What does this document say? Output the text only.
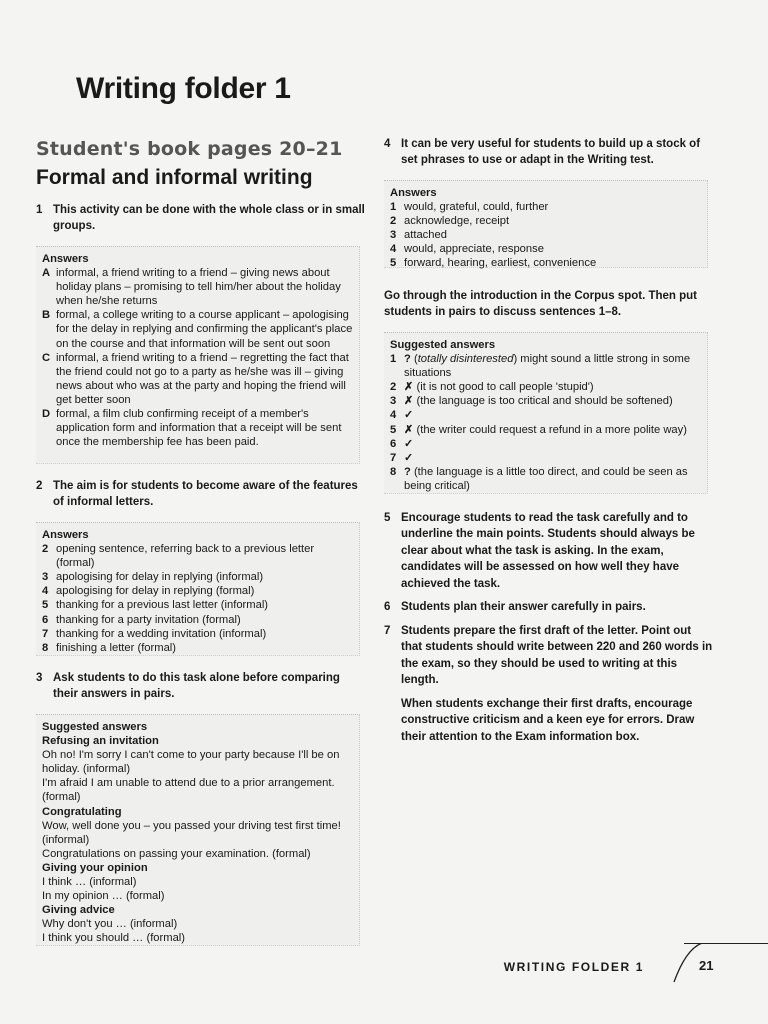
Writing folder 1
Student's book pages 20–21
Formal and informal writing
1 This activity can be done with the whole class or in small groups.
Answers
A informal, a friend writing to a friend – giving news about holiday plans – promising to tell him/her about the holiday when he/she returns
B formal, a college writing to a course applicant – apologising for the delay in replying and confirming the applicant's place on the course and that information will be sent out soon
C informal, a friend writing to a friend – regretting the fact that the friend could not go to a party as he/she was ill – giving news about who was at the party and hoping the friend will get better soon
D formal, a film club confirming receipt of a member's application form and information that a receipt will be sent once the membership fee has been paid.
2 The aim is for students to become aware of the features of informal letters.
Answers
2 opening sentence, referring back to a previous letter (formal)
3 apologising for delay in replying (informal)
4 apologising for delay in replying (formal)
5 thanking for a previous last letter (informal)
6 thanking for a party invitation (formal)
7 thanking for a wedding invitation (informal)
8 finishing a letter (formal)
3 Ask students to do this task alone before comparing their answers in pairs.
Suggested answers
Refusing an invitation
Oh no! I'm sorry I can't come to your party because I'll be on holiday. (informal)
I'm afraid I am unable to attend due to a prior arrangement. (formal)
Congratulating
Wow, well done you – you passed your driving test first time! (informal)
Congratulations on passing your examination. (formal)
Giving your opinion
I think … (informal)
In my opinion … (formal)
Giving advice
Why don't you … (informal)
I think you should … (formal)
4 It can be very useful for students to build up a stock of set phrases to use or adapt in the Writing test.
Answers
1 would, grateful, could, further
2 acknowledge, receipt
3 attached
4 would, appreciate, response
5 forward, hearing, earliest, convenience
Go through the introduction in the Corpus spot. Then put students in pairs to discuss sentences 1–8.
Suggested answers
1 ? (totally disinterested) might sound a little strong in some situations
2 ✗ (it is not good to call people 'stupid')
3 ✗ (the language is too critical and should be softened)
4 ✓
5 ✗ (the writer could request a refund in a more polite way)
6 ✓
7 ✓
8 ? (the language is a little too direct, and could be seen as being critical)
5 Encourage students to read the task carefully and to underline the main points. Students should always be clear about what the task is asking. In the exam, candidates will be assessed on how well they have achieved the task.
6 Students plan their answer carefully in pairs.
7 Students prepare the first draft of the letter. Point out that students should write between 220 and 260 words in the exam, so they should be used to writing at this length.
When students exchange their first drafts, encourage constructive criticism and a keen eye for errors. Draw their attention to the Exam information box.
WRITING FOLDER 1	21
